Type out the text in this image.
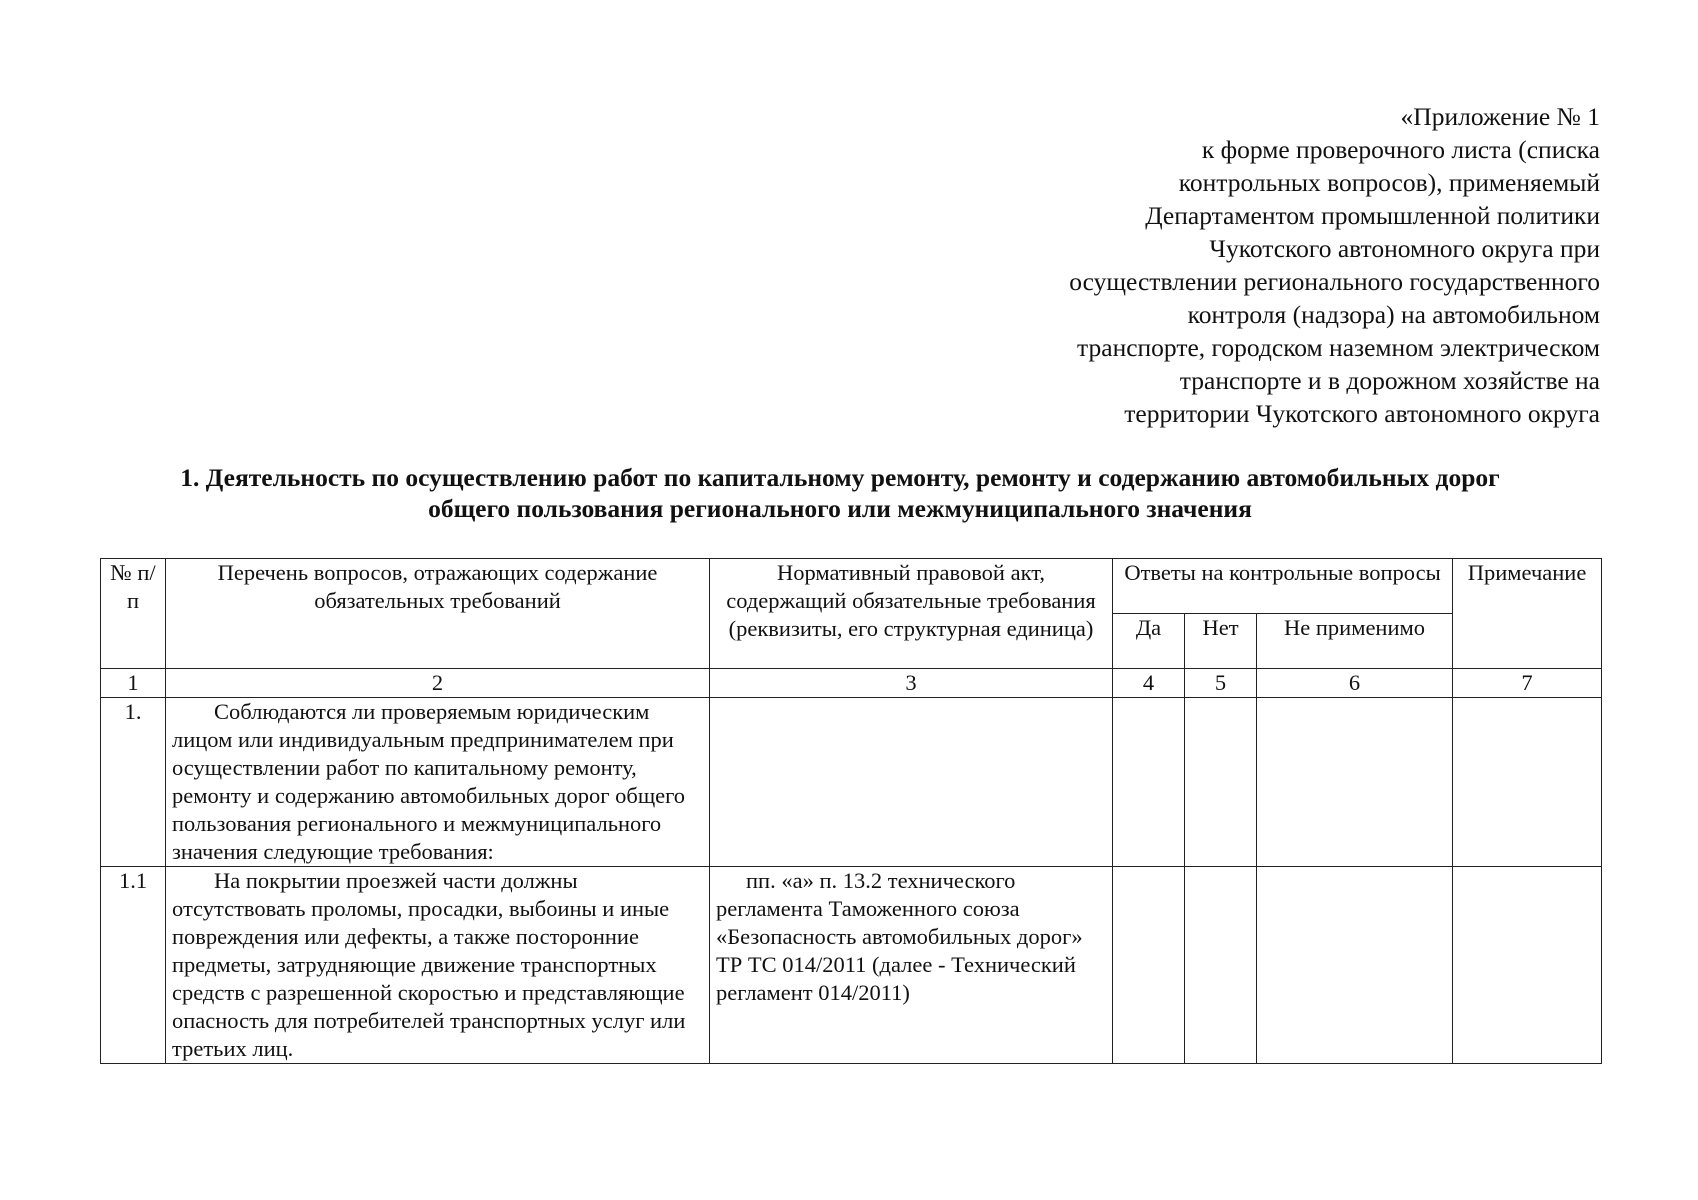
«Приложение № 1
к форме проверочного листа (списка
контрольных вопросов), применяемый
Департаментом промышленной политики
Чукотского автономного округа при
осуществлении регионального государственного
контроля (надзора) на автомобильном
транспорте, городском наземном электрическом
транспорте и в дорожном хозяйстве на
территории Чукотского автономного округа
1. Деятельность по осуществлению работ по капитальному ремонту, ремонту и содержанию автомобильных дорог
общего пользования регионального или межмуниципального значения
№ п/п	Перечень вопросов, отражающих содержание обязательных требований	Нормативный правовой акт, содержащий обязательные требования (реквизиты, его структурная единица)	Ответы на контрольные вопросы			Примечание
			Да	Нет	Не применимо	
1	2	3	4	5	6	7
1.	Соблюдаются ли проверяемым юридическим лицом или индивидуальным предпринимателем при осуществлении работ по капитальному ремонту, ремонту и содержанию автомобильных дорог общего пользования регионального и межмуниципального значения следующие требования:					
1.1	На покрытии проезжей части должны отсутствовать проломы, просадки, выбоины и иные повреждения или дефекты, а также посторонние предметы, затрудняющие движение транспортных средств с разрешенной скоростью и представляющие опасность для потребителей транспортных услуг или третьих лиц.	пп. «а» п. 13.2 технического регламента Таможенного союза «Безопасность автомобильных дорог» ТР ТС 014/2011 (далее - Технический регламент 014/2011)				
